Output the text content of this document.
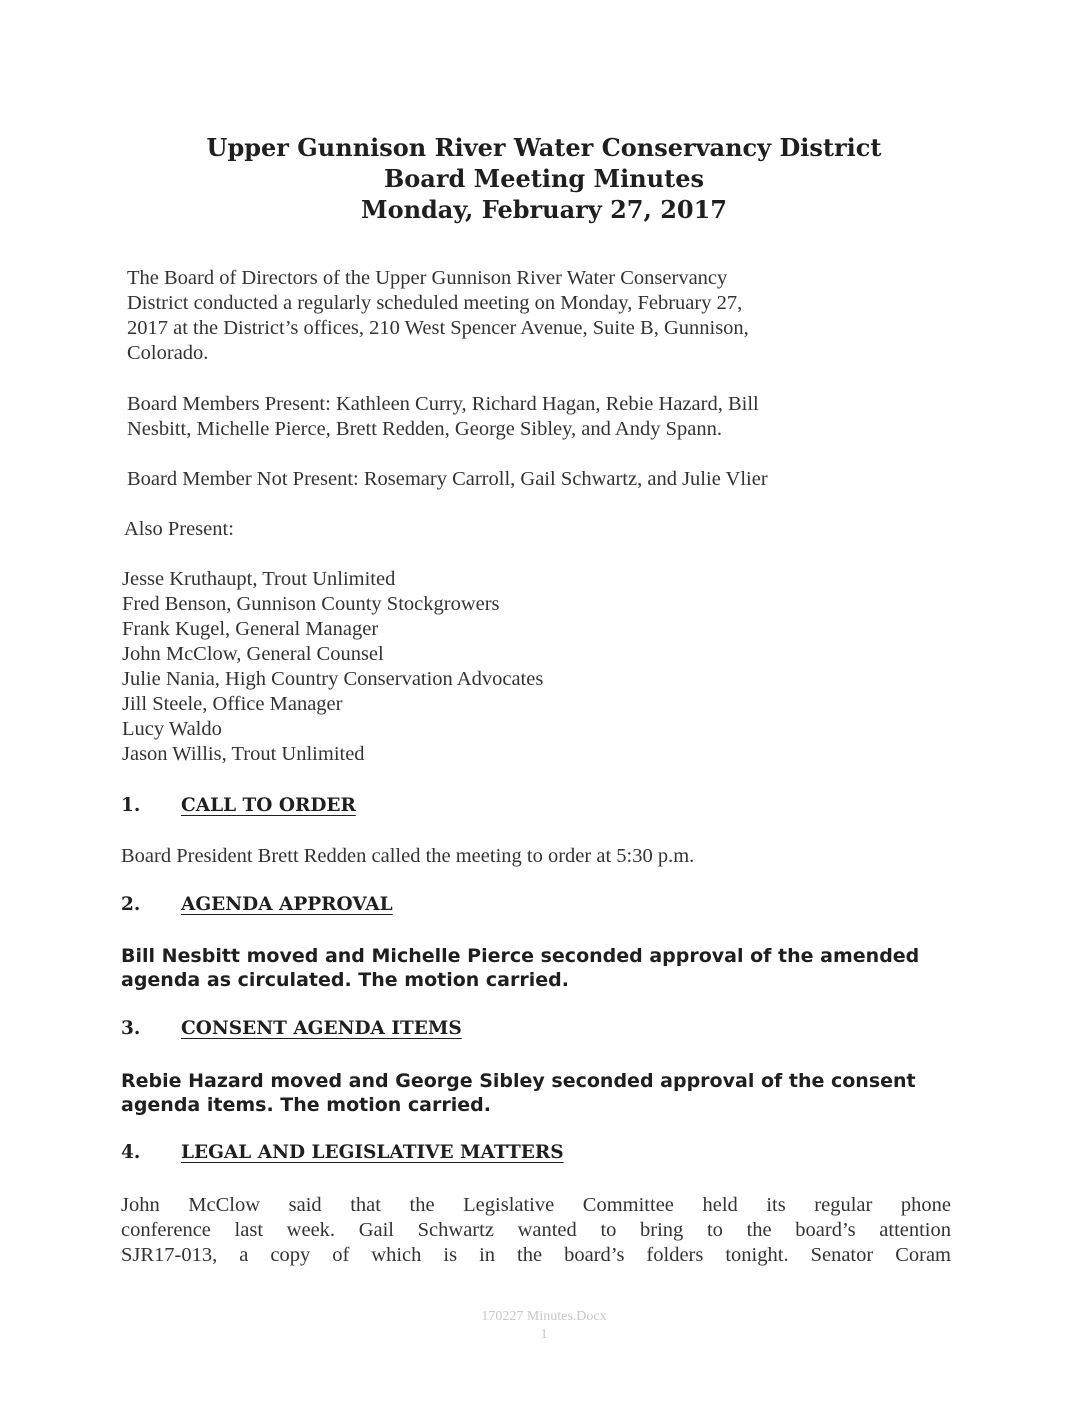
Upper Gunnison River Water Conservancy District
Board Meeting Minutes
Monday, February 27, 2017
The Board of Directors of the Upper Gunnison River Water Conservancy
District conducted a regularly scheduled meeting on Monday, February 27,
2017 at the District’s offices, 210 West Spencer Avenue, Suite B, Gunnison,
Colorado.
Board Members Present: Kathleen Curry, Richard Hagan, Rebie Hazard, Bill
Nesbitt, Michelle Pierce, Brett Redden, George Sibley, and Andy Spann.
Board Member Not Present: Rosemary Carroll, Gail Schwartz, and Julie Vlier
Also Present:
Jesse Kruthaupt, Trout Unlimited
Fred Benson, Gunnison County Stockgrowers
Frank Kugel, General Manager
John McClow, General Counsel
Julie Nania, High Country Conservation Advocates
Jill Steele, Office Manager
Lucy Waldo
Jason Willis, Trout Unlimited
1. CALL TO ORDER
Board President Brett Redden called the meeting to order at 5:30 p.m.
2. AGENDA APPROVAL
Bill Nesbitt moved and Michelle Pierce seconded approval of the amended
agenda as circulated. The motion carried.
3. CONSENT AGENDA ITEMS
Rebie Hazard moved and George Sibley seconded approval of the consent
agenda items. The motion carried.
4. LEGAL AND LEGISLATIVE MATTERS
John McClow said that the Legislative Committee held its regular phone
conference last week. Gail Schwartz wanted to bring to the board’s attention
SJR17-013, a copy of which is in the board’s folders tonight. Senator Coram
170227 Minutes.Docx
1
